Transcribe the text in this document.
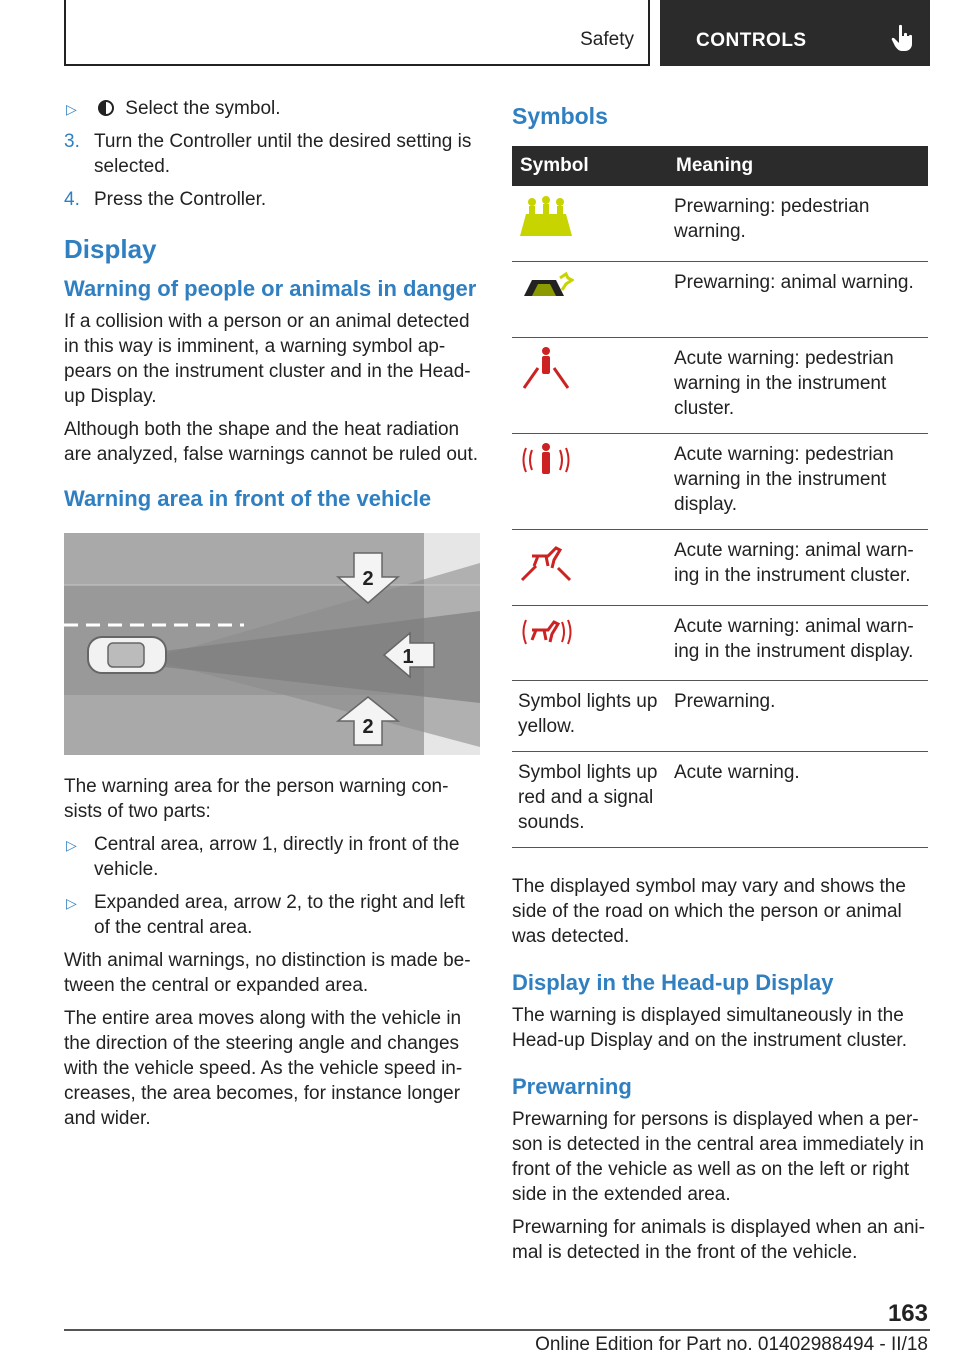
Safety	CONTROLS
▷	Select the symbol.
3. Turn the Controller until the desired setting is selected.
4. Press the Controller.
Display
Warning of people or animals in danger

If a collision with a person or an animal detected in this way is imminent, a warning symbol ap‐pears on the instrument cluster and in the Head-up Display.

Although both the shape and the heat radiation are analyzed, false warnings cannot be ruled out.

Warning area in front of the vehicle
2
1
2

The warning area for the person warning con‐sists of two parts:

▷ Central area, arrow 1, directly in front of the vehicle.
▷ Expanded area, arrow 2, to the right and left of the central area.

With animal warnings, no distinction is made be‐tween the central or expanded area.

The entire area moves along with the vehicle in the direction of the steering angle and changes with the vehicle speed. As the vehicle speed in‐creases, the area becomes, for instance longer and wider.

Symbols
Symbol	Meaning
	Prewarning: pedestrian warning.
	Prewarning: animal warning.
	Acute warning: pedestrian warning in the instrument cluster.
	Acute warning: pedestrian warning in the instrument display.
	Acute warning: animal warn‐ing in the instrument cluster.
	Acute warning: animal warn‐ing in the instrument display.
Symbol lights up yellow.	Prewarning.
Symbol lights up red and a signal sounds.	Acute warning.

The displayed symbol may vary and shows the side of the road on which the person or animal was detected.

Display in the Head-up Display

The warning is displayed simultaneously in the Head-up Display and on the instrument cluster.

Prewarning

Prewarning for persons is displayed when a per‐son is detected in the central area immediately in front of the vehicle as well as on the left or right side in the extended area.

Prewarning for animals is displayed when an ani‐mal is detected in the front of the vehicle.

163
Online Edition for Part no. 01402988494 - II/18
